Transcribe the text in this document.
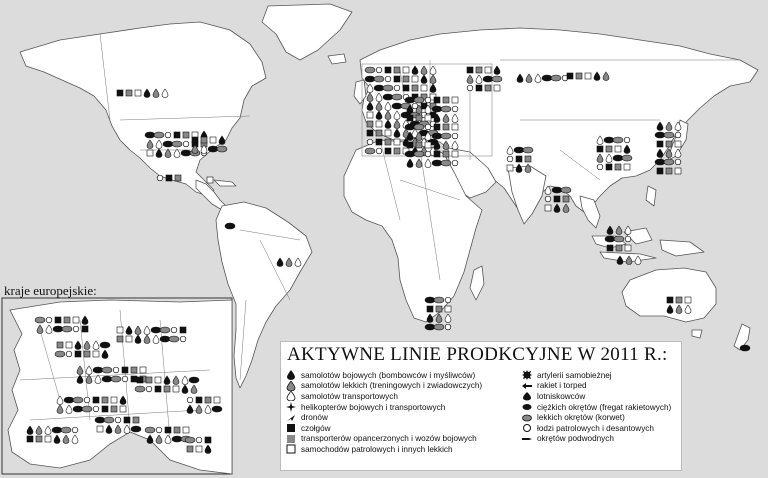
kraje europejskie:
AKTYWNE LINIE PRODKCYJNE W 2011 R.:
samolotów bojowych (bombowców i myśliwców)
samolotów lekkich (treningowych i zwiadowczych)
samolotów transportowych
helikopterów bojowych i transportowych
dronów
czołgów
transporterów opancerzonych i wozów bojowych
samochodów patrolowych i innych lekkich
artylerii samobieżnej
rakiet i torped
lotniskowców
ciężkich okrętów (fregat rakietowych)
lekkich okrętów (korwet)
łodzi patrolowych i desantowych
okrętów podwodnych
